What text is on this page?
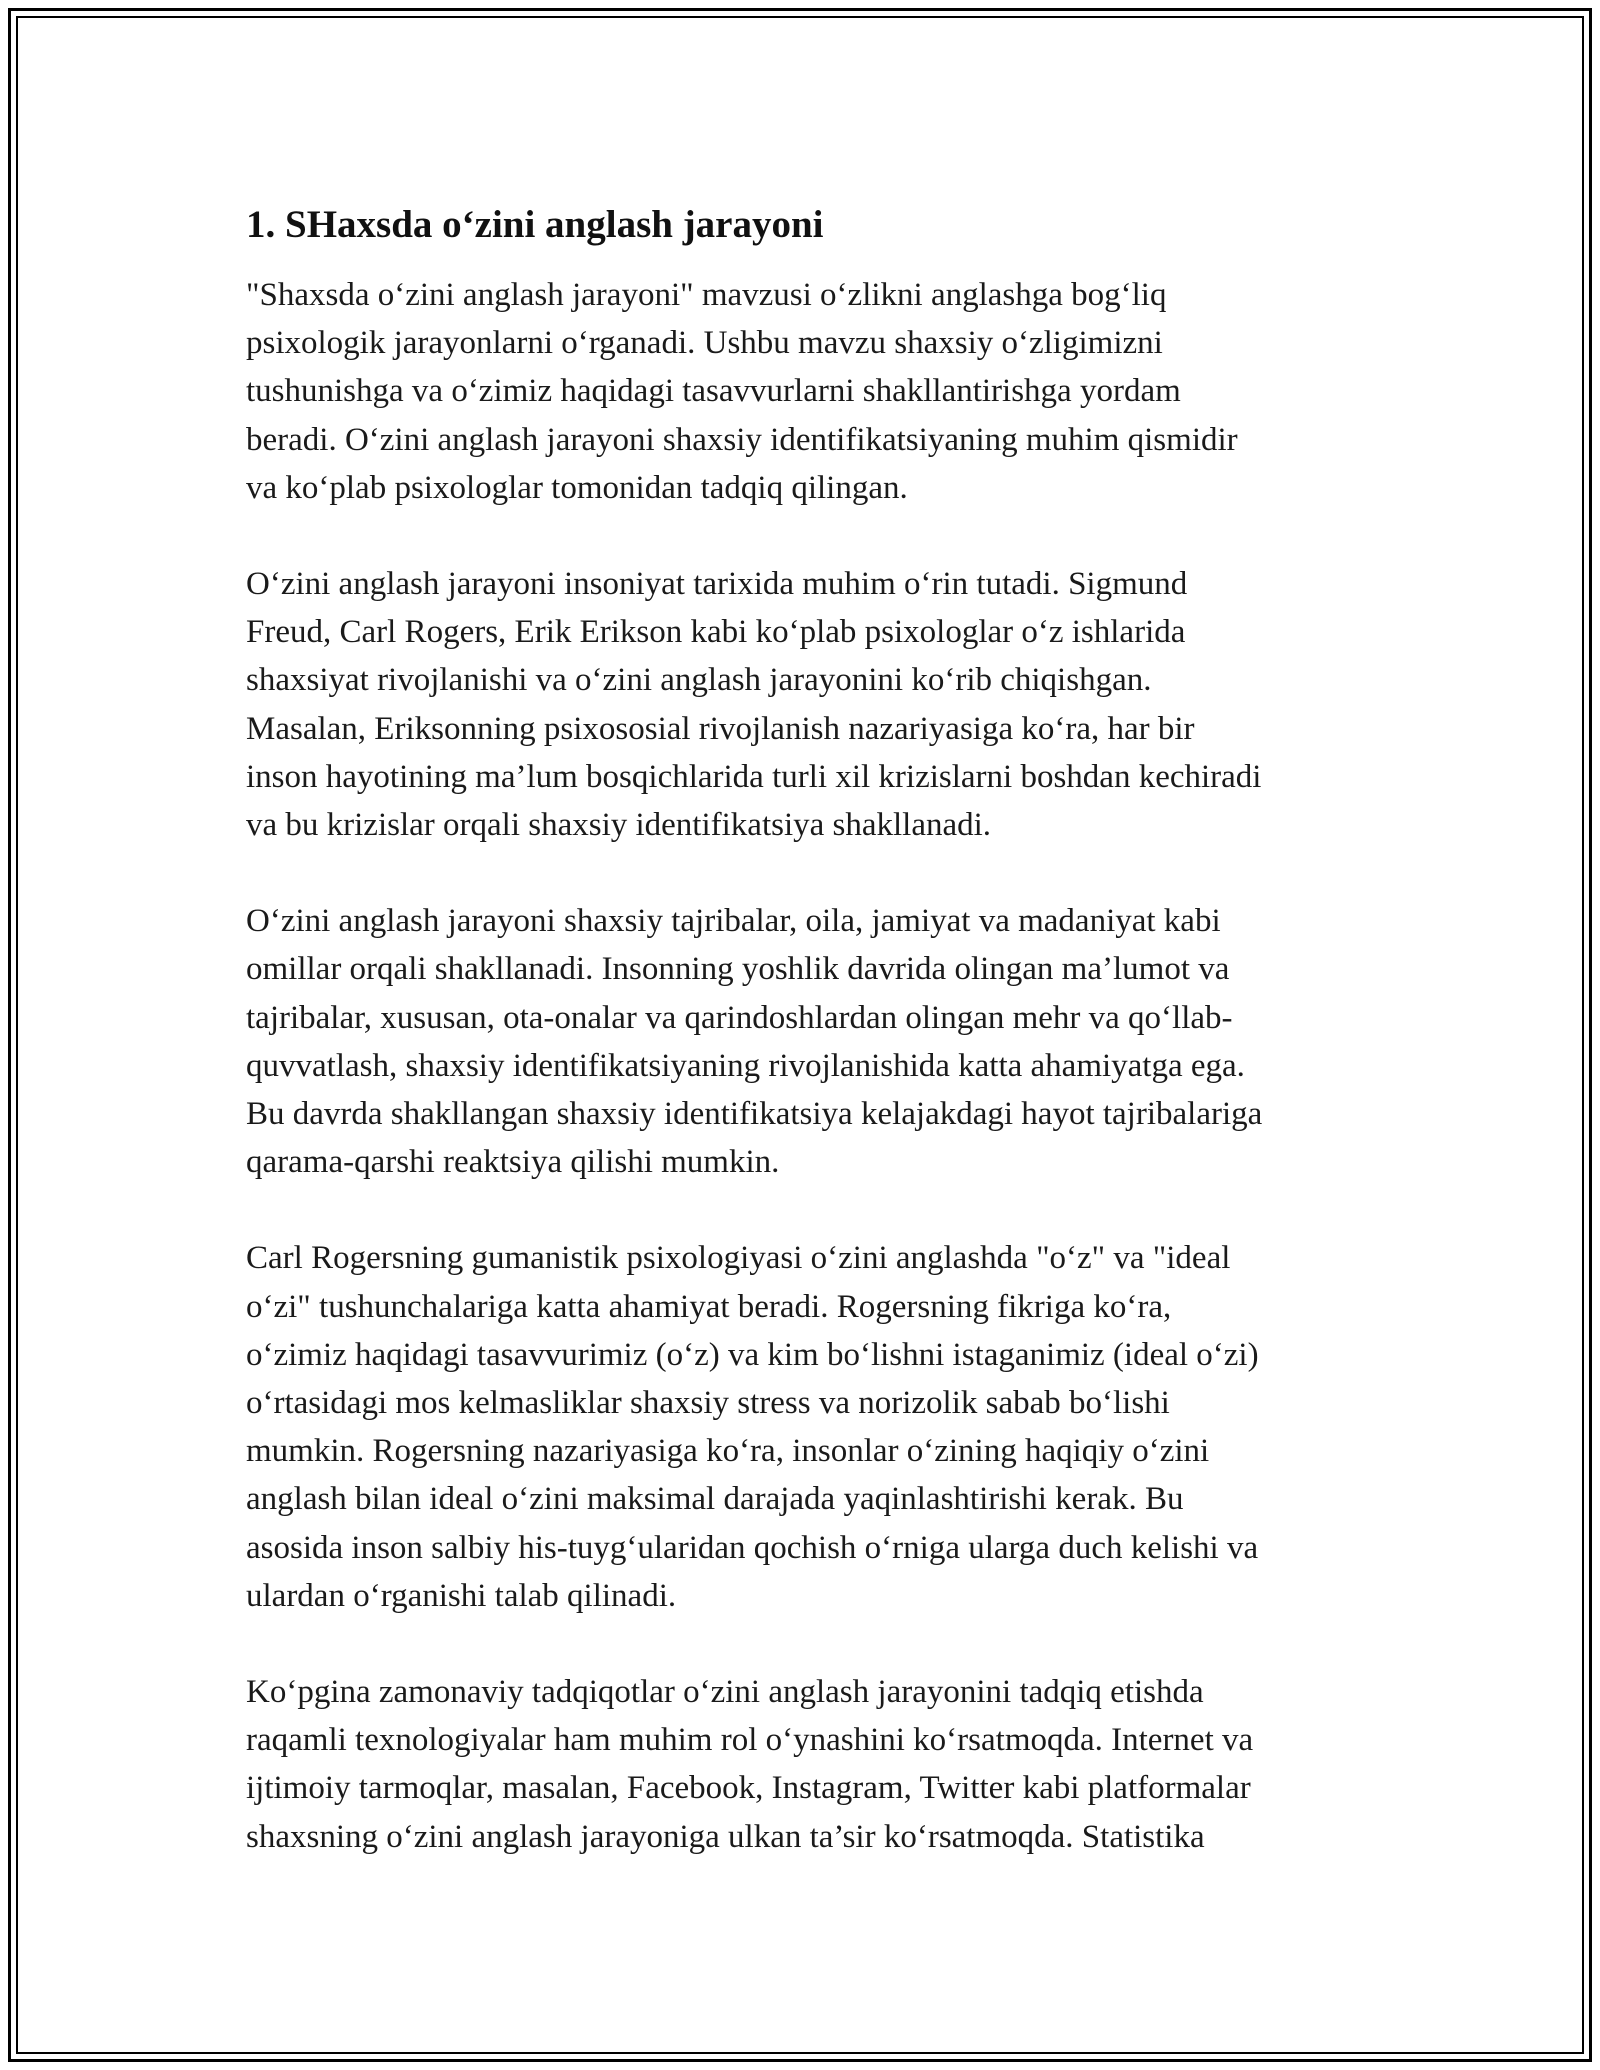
1. SHaxsda o‘zini anglash jarayoni

"Shaxsda o‘zini anglash jarayoni" mavzusi o‘zlikni anglashga bog‘liq
psixologik jarayonlarni o‘rganadi. Ushbu mavzu shaxsiy o‘zligimizni
tushunishga va o‘zimiz haqidagi tasavvurlarni shakllantirishga yordam
beradi. O‘zini anglash jarayoni shaxsiy identifikatsiyaning muhim qismidir
va ko‘plab psixologlar tomonidan tadqiq qilingan.

O‘zini anglash jarayoni insoniyat tarixida muhim o‘rin tutadi. Sigmund
Freud, Carl Rogers, Erik Erikson kabi ko‘plab psixologlar o‘z ishlarida
shaxsiyat rivojlanishi va o‘zini anglash jarayonini ko‘rib chiqishgan.
Masalan, Eriksonning psixososial rivojlanish nazariyasiga ko‘ra, har bir
inson hayotining ma’lum bosqichlarida turli xil krizislarni boshdan kechiradi
va bu krizislar orqali shaxsiy identifikatsiya shakllanadi.

O‘zini anglash jarayoni shaxsiy tajribalar, oila, jamiyat va madaniyat kabi
omillar orqali shakllanadi. Insonning yoshlik davrida olingan ma’lumot va
tajribalar, xususan, ota-onalar va qarindoshlardan olingan mehr va qo‘llab-
quvvatlash, shaxsiy identifikatsiyaning rivojlanishida katta ahamiyatga ega.
Bu davrda shakllangan shaxsiy identifikatsiya kelajakdagi hayot tajribalariga
qarama-qarshi reaktsiya qilishi mumkin.

Carl Rogersning gumanistik psixologiyasi o‘zini anglashda "o‘z" va "ideal
o‘zi" tushunchalariga katta ahamiyat beradi. Rogersning fikriga ko‘ra,
o‘zimiz haqidagi tasavvurimiz (o‘z) va kim bo‘lishni istaganimiz (ideal o‘zi)
o‘rtasidagi mos kelmasliklar shaxsiy stress va norizolik sabab bo‘lishi
mumkin. Rogersning nazariyasiga ko‘ra, insonlar o‘zining haqiqiy o‘zini
anglash bilan ideal o‘zini maksimal darajada yaqinlashtirishi kerak. Bu
asosida inson salbiy his-tuyg‘ularidan qochish o‘rniga ularga duch kelishi va
ulardan o‘rganishi talab qilinadi.

Ko‘pgina zamonaviy tadqiqotlar o‘zini anglash jarayonini tadqiq etishda
raqamli texnologiyalar ham muhim rol o‘ynashini ko‘rsatmoqda. Internet va
ijtimoiy tarmoqlar, masalan, Facebook, Instagram, Twitter kabi platformalar
shaxsning o‘zini anglash jarayoniga ulkan ta’sir ko‘rsatmoqda. Statistika
